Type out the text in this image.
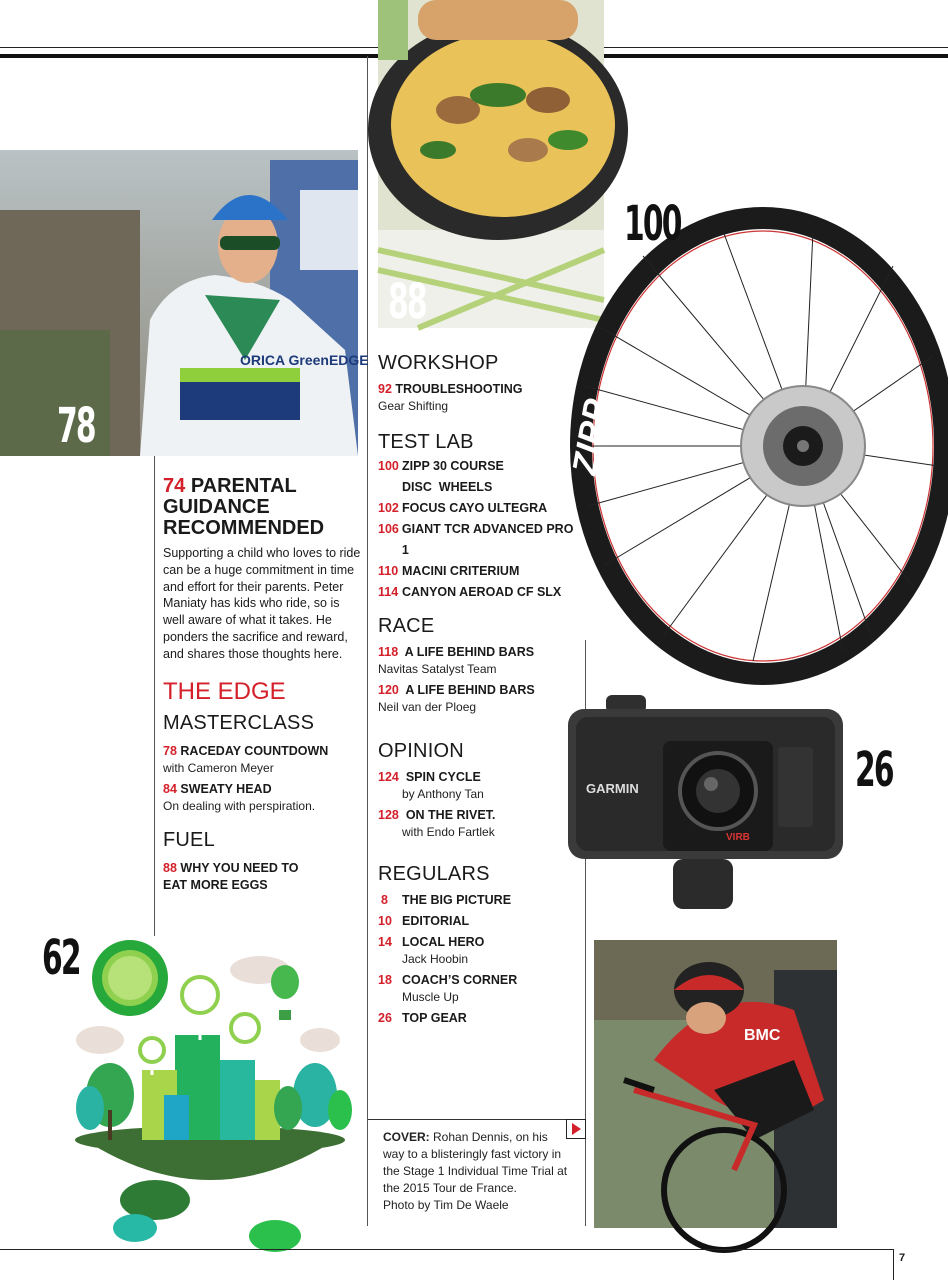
ORICA GreenEDGE
78
88
ZIPP
100
GARMIN
VIRB
26
BMC
62
74 PARENTAL
GUIDANCE
RECOMMENDED

Supporting a child who loves to ride can be a huge commitment in time and effort for their parents. Peter Maniaty has kids who ride, so is well aware of what it takes. He ponders the sacrifice and reward, and shares those thoughts here.

THE EDGE
MASTERCLASS
78 RACEDAY COUNTDOWN
with Cameron Meyer
84 SWEATY HEAD
On dealing with perspiration.
FUEL
88 WHY YOU NEED TO
EAT MORE EGGS
WORKSHOP
92 TROUBLESHOOTING
Gear Shifting
TEST LAB
100 ZIPP 30 COURSE
DISC  WHEELS
102 FOCUS CAYO ULTEGRA
106 GIANT TCR ADVANCED PRO 1
110 MACINI CRITERIUM
114 CANYON AEROAD CF SLX
RACE
118 A LIFE BEHIND BARS
Navitas Satalyst Team
120 A LIFE BEHIND BARS
Neil van der Ploeg
OPINION
124 SPIN CYCLE
by Anthony Tan
128 ON THE RIVET.
with Endo Fartlek
REGULARS
8	THE BIG PICTURE
10 EDITORIAL
14 LOCAL HERO
Jack Hoobin
18 COACH’S CORNER
Muscle Up
26 TOP GEAR
COVER: Rohan Dennis, on his
way to a blisteringly fast victory in
the Stage 1 Individual Time Trial at
the 2015 Tour de France.
Photo by Tim De Waele
7
